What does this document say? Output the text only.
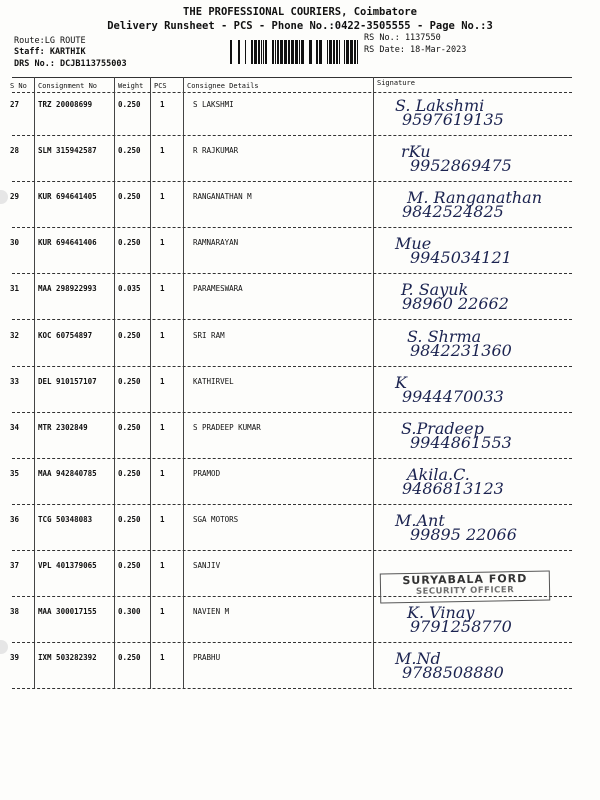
THE PROFESSIONAL COURIERS, Coimbatore
Delivery Runsheet - PCS - Phone No.:0422-3505555 - Page No.:3
Route:LG ROUTE
Staff: KARTHIK
DRS No.: DCJB113755003
RS No.: 1137550
RS Date: 18-Mar-2023
S No Consignment No	Weight PCS	Consignee Details	Signature
27	TRZ 20008699	0.250	1	S LAKSHMI	S. Lakshmi
9597619135
28	SLM 315942587	0.250	1	R RAJKUMAR	rKu
9952869475
29	KUR 694641405	0.250	1	RANGANATHAN M	M. Ranganathan
9842524825
30	KUR 694641406	0.250	1	RAMNARAYAN	Mue
9945034121
31	MAA 298922993	0.035	1	PARAMESWARA	P. Sayuk
98960 22662
32	KOC 60754897	0.250	1	SRI RAM	S. Shrma
9842231360
33	DEL 910157107	0.250	1	KATHIRVEL	K
9944470033
34	MTR 2302849	0.250	1	S PRADEEP KUMAR	S.Pradeep
9944861553
35	MAA 942840785	0.250	1	PRAMOD	Akila.C.
9486813123
36	TCG 50348083	0.250	1	SGA MOTORS	M.Ant
99895 22066
37	VPL 401379065	0.250	1	SANJIV
38	MAA 300017155	0.300	1	NAVIEN M	K. Vinay
9791258770
39	IXM 503282392	0.250	1	PRABHU	M.Nd
9788508880
SURYABALA FORD
SECURITY OFFICER
